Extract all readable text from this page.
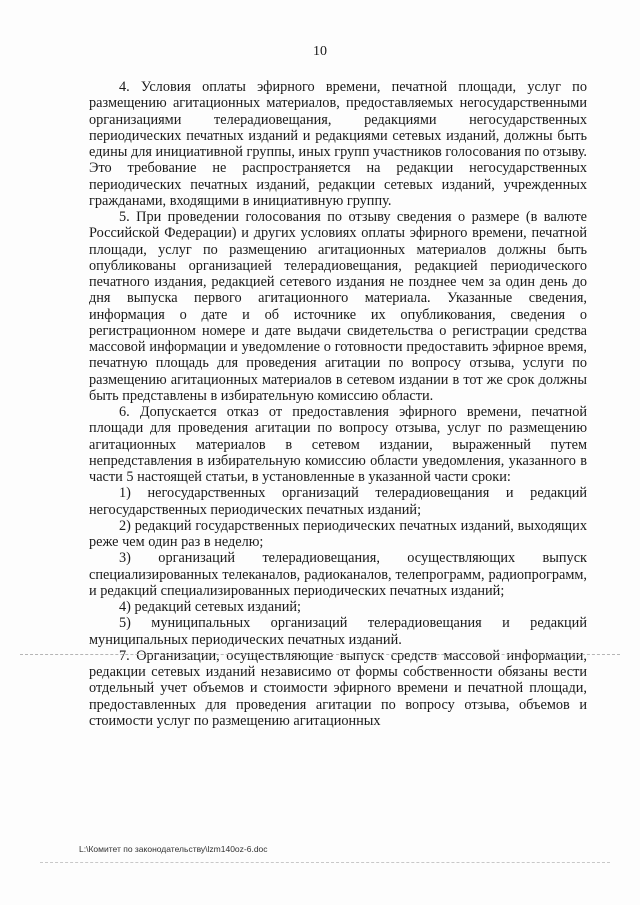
10

4. Условия оплаты эфирного времени, печатной площади, услуг по размещению агитационных материалов, предоставляемых негосударственными организациями телерадиовещания, редакциями негосударственных периодических печатных изданий и редакциями сетевых изданий, должны быть едины для инициативной группы, иных групп участников голосования по отзыву. Это требование не распространяется на редакции негосударственных периодических печатных изданий, редакции сетевых изданий, учрежденных гражданами, входящими в инициативную группу.

5. При проведении голосования по отзыву сведения о размере (в валюте Российской Федерации) и других условиях оплаты эфирного времени, печатной площади, услуг по размещению агитационных материалов должны быть опубликованы организацией телерадиовещания, редакцией периодического печатного издания, редакцией сетевого издания не позднее чем за один день до дня выпуска первого агитационного материала. Указанные сведения, информация о дате и об источнике их опубликования, сведения о регистрационном номере и дате выдачи свидетельства о регистрации средства массовой информации и уведомление о готовности предоставить эфирное время, печатную площадь для проведения агитации по вопросу отзыва, услуги по размещению агитационных материалов в сетевом издании в тот же срок должны быть представлены в избирательную комиссию области.

6. Допускается отказ от предоставления эфирного времени, печатной площади для проведения агитации по вопросу отзыва, услуг по размещению агитационных материалов в сетевом издании, выраженный путем непредставления в избирательную комиссию области уведомления, указанного в части 5 настоящей статьи, в установленные в указанной части сроки:

1) негосударственных организаций телерадиовещания и редакций негосударственных периодических печатных изданий;

2) редакций государственных периодических печатных изданий, выходящих реже чем один раз в неделю;

3) организаций телерадиовещания, осуществляющих выпуск специализированных телеканалов, радиоканалов, телепрограмм, радиопрограмм, и редакций специализированных периодических печатных изданий;

4) редакций сетевых изданий;

5) муниципальных организаций телерадиовещания и редакций муниципальных периодических печатных изданий.

7. Организации, осуществляющие выпуск средств массовой информации, редакции сетевых изданий независимо от формы собственности обязаны вести отдельный учет объемов и стоимости эфирного времени и печатной площади, предоставленных для проведения агитации по вопросу отзыва, объемов и стоимости услуг по размещению агитационных

L:\Комитет по законодательству\lzm140oz-6.doc
